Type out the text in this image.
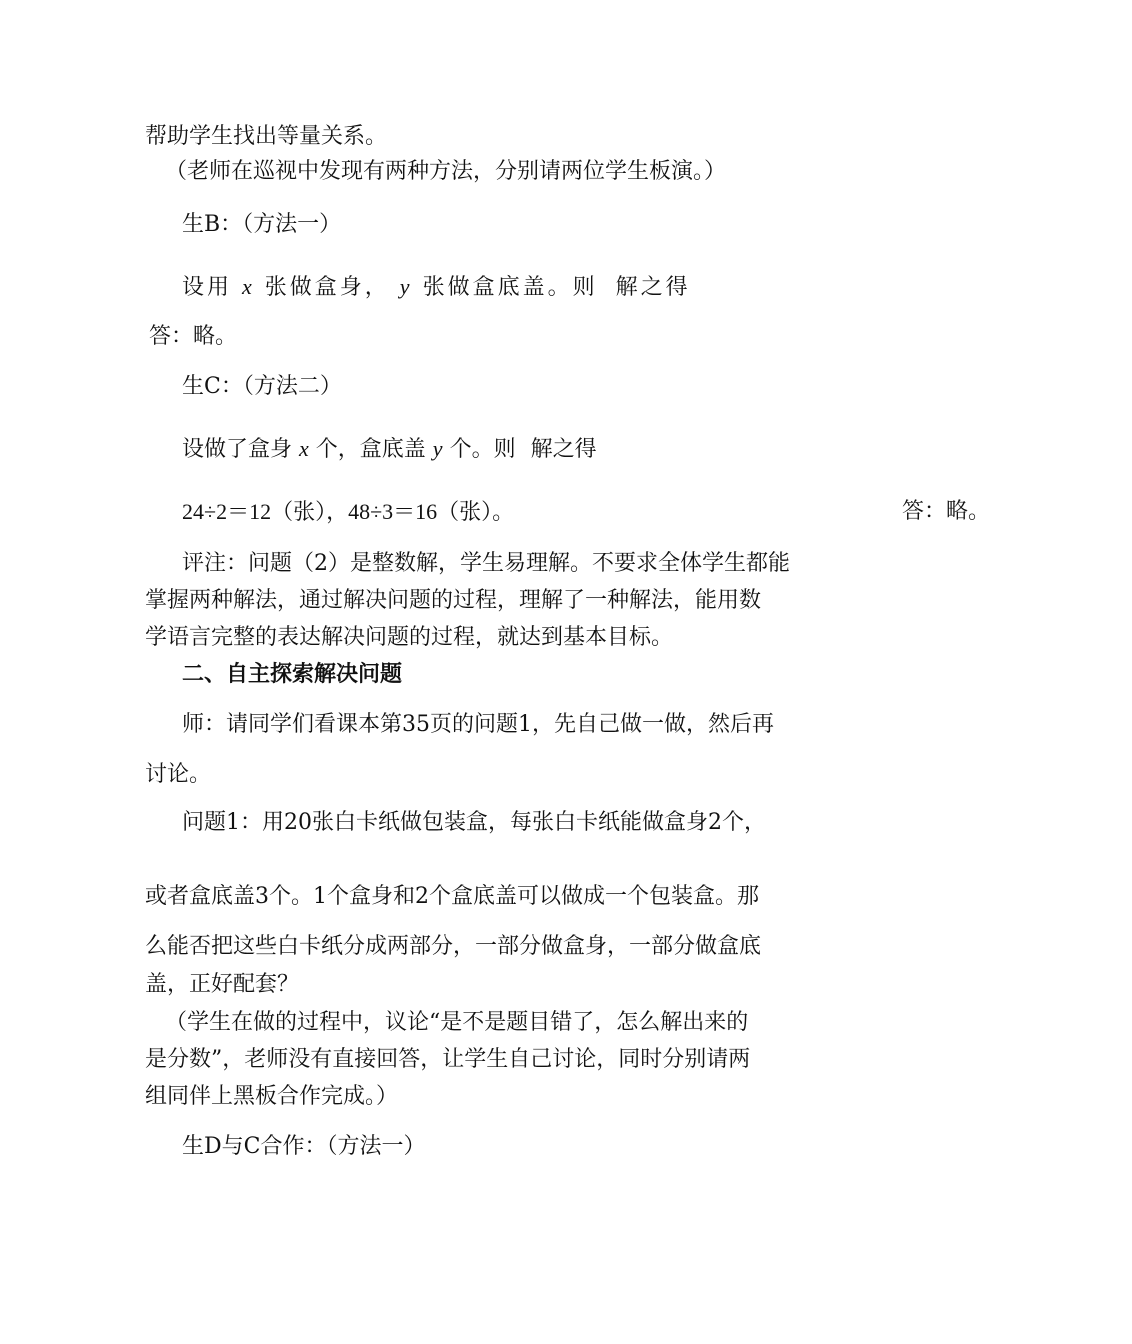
帮助学生找出等量关系。
（老师在巡视中发现有两种方法，分别请两位学生板演。）
生B：（方法一）
设用 x 张做盒身， y 张做盒底盖。则 解之得
答：略。
生C：（方法二）
设做了盒身 x 个，盒底盖 y 个。则 解之得
24÷2＝12（张），48÷3＝16（张）。	答：略。
评注：问题（2）是整数解，学生易理解。不要求全体学生都能
掌握两种解法，通过解决问题的过程，理解了一种解法，能用数
学语言完整的表达解决问题的过程，就达到基本目标。
二、自主探索解决问题
师：请同学们看课本第35页的问题1，先自己做一做，然后再
讨论。
问题1：用20张白卡纸做包装盒，每张白卡纸能做盒身2个，
或者盒底盖3个。1个盒身和2个盒底盖可以做成一个包装盒。那
么能否把这些白卡纸分成两部分，一部分做盒身，一部分做盒底
盖，正好配套？
（学生在做的过程中，议论“是不是题目错了，怎么解出来的
是分数”，老师没有直接回答，让学生自己讨论，同时分别请两
组同伴上黑板合作完成。）
生D与C合作：（方法一）
